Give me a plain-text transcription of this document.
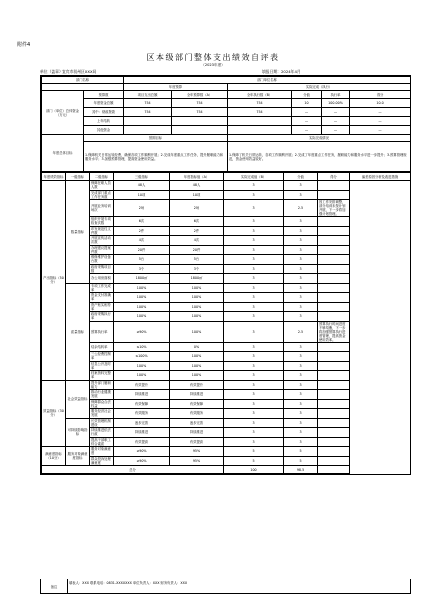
附件4
区本级部门整体支出绩效自评表
（2023年度）
单位（盖章）：
宜宾市叙州区XXX局	填报日期：2024年4月
部门名称		部门单位名称					
		年度预算		实际完成（执行）			
部门（单位）总体资金（万元）	预算数	项目支出总额	全年预算数（A）	全年执行数（B）	分值	执行率	得分
	年度资金总额	754	754	754	10	100.00%	10.0
	其中：财政拨款	754	754	754	—	—	—
	上年结转				—	—	—
	其他资金				—	—	—
年度总体目标	预期目标			实际完成情况			
	1.保障机关日常运转经费，确保各项工作顺利开展；2.完成年度重点工作任务，提升履职能力和服务水平；3.加强预算管理，提高资金使用效益。			1.保障了机关日常运转，各项工作顺利开展；2.完成了年度重点工作任务，履职能力和服务水平进一步提升；3.预算管理规范，资金使用效益较好。			
年度绩效指标	一级指标	二级指标	三级指标	年度指标值（A）	实际完成值（B）	分值	得分	偏差原因分析及改进措施
产出指标（50分）	数量指标	保障在职人员人数	48人	48人	3	3		
		完成部门重点工作任务数	10项	10项	3	3		
		开展业务培训场次	2场	2场	3	2.5	因工作安排调整，部分培训未按计划开展，下一步将加强计划管理。	
		组织开展专项检查次数	6次	6次	3	3		
		印发规范性文件数	2件	2件	3	3		
		开展宣传活动次数	4次	4次	3	3		
		办理建议提案件数	20件	20件	3	3		
		维修维护设备台数	5台	5台	3	3		
		政府采购项目数	3个	3个	3	3		
		办公用房面积	1800㎡	1800㎡	3	3		
	质量指标	专项工作完成率	100%	100%	3	3		
		资金支付准确率	100%	100%	3	3		
		资产账实相符率	100%	100%	3	3		
		政府采购执行率	100%	100%	3	3		
		预算执行率	≥90%	100%	3	2.5	预算执行时间进度不够均衡，下一步将加强预算执行进度管理，提高资金使用效率。	
		结余结转率	≤10%	0%	3	3		
		三公经费控制率	≤100%	100%	3	3		
		信息公开及时率	100%	100%	3	3		
		档案资料完整率	100%	100%	3	3		
效益指标（30分）	社会效益指标	提升部门履职能力	有效提升	有效提升	3	3		
		推动行业健康发展	持续推进	持续推进	3	3		
		保障群众合法权益	有效保障	有效保障	3	3		
		服务经济社会发展	有效服务	有效服务	3	3		
	可持续影响指标	长效管理机制建设	逐步完善	逐步完善	3	3		
		持续推进依法行政	持续推进	持续推进	3	3		
		提高干部职工综合素质	有效提高	有效提高	3	3		
满意度指标（10分）	服务对象满意度指标	服务对象满意度	≥90%	95%	5	5		
		群众投诉处理满意度	≥90%	95%	5	5		
总分					100	98.5		
备注
填表人：XXX 联系电话：0831-XXXXXXX 单位负责人：XXX 财务负责人：XXX
